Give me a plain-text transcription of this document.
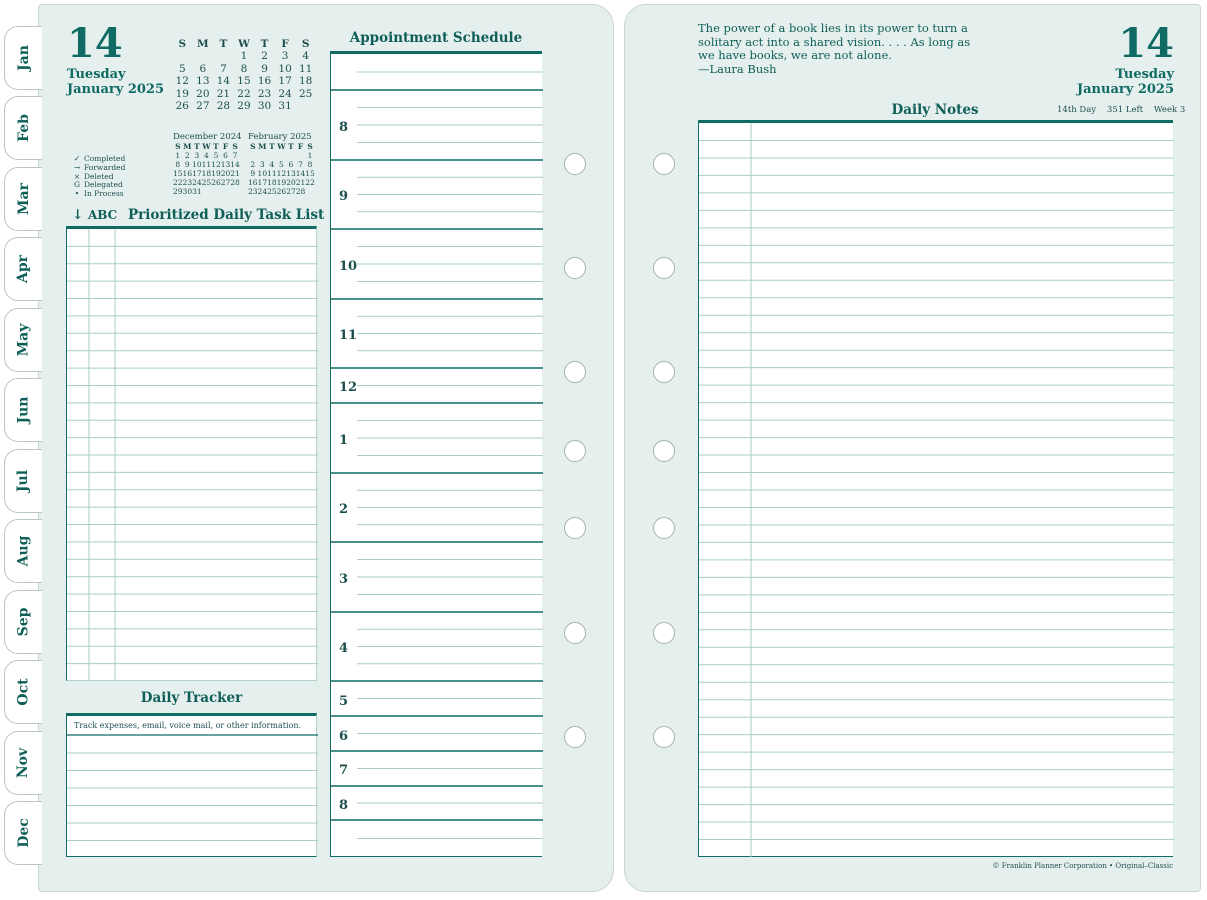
Jan
Feb
Mar
Apr
May
Jun
Jul
Aug
Sep
Oct
Nov
Dec
14
Tuesday
January 2025
S	M	T	W	T	F	S
			1	2	3	4
5	6	7	8	9	10	11
12	13	14	15	16	17	18
19	20	21	22	23	24	25
26	27	28	29	30	31	
December 2024
S	M	T	W	T	F	S
1	2	3	4	5	6	7
8	9	10	11	12	13	14
15	16	17	18	19	20	21
22	23	24	25	26	27	28
29	30	31				
February 2025
S	M	T	W	T	F	S
						1
2	3	4	5	6	7	8
9	10	11	12	13	14	15
16	17	18	19	20	21	22
23	24	25	26	27	28	
✓ Completed
→ Forwarded
× Deleted
G Delegated
• In Process
↓ ABC Prioritized Daily Task List
Daily Tracker
Track expenses, email, voice mail, or other information.
Appointment Schedule
8
9
10
11
12
1
2
3
4
5
6
7
8
The power of a book lies in its power to turn a
solitary act into a shared vision. . . . As long as
we have books, we are not alone.
—Laura Bush
14
Tuesday
January 2025
Daily Notes	14th Day 351 Left Week 3
© Franklin Planner Corporation • Original–Classic
